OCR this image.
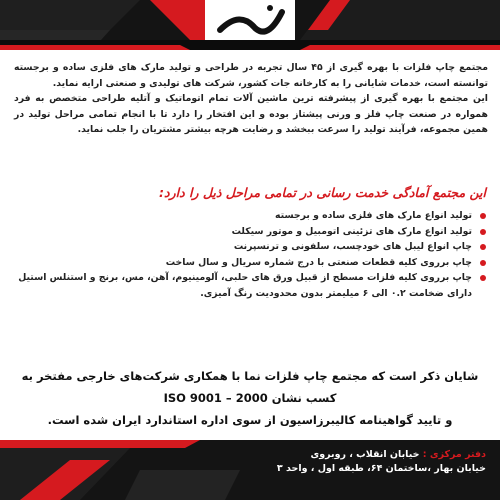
مجتمع چاپ فلزات با بهره گیری از ۴۵ سال تجربه در طراحی و تولید مارک های فلزی ساده و برجسته توانسته است، خدمات شایانی را به کارخانه جات کشور، شرکت های تولیدی و صنعتی ارایه نماید.

این مجتمع با بهره گیری از پیشرفته ترین ماشین آلات تمام اتوماتیک و آتلیه طراحی متخصص به فرد همواره در صنعت چاپ فلز و ورنی پیشتاز بوده و این افتخار را دارد تا با انجام تمامی مراحل تولید در همین مجموعه، فرآیند تولید را سرعت ببخشد و رضایت هرچه بیشتر مشتریان را جلب نماید.

این مجتمع آمادگی خدمت رسانی در تمامی مراحل ذیل را دارد:
تولید انواع مارک های فلزی ساده و برجسته
تولید انواع مارک های تزئینی اتومبیل و موتور سیکلت
چاپ انواع لیبل های خودچسب، سلفونی و ترنسپرنت
چاپ برروی کلیه قطعات صنعتی با درج شماره سریال و سال ساخت
چاپ برروی کلیه فلزات مسطح از قبیل ورق های حلبی، آلومینیوم، آهن، مس، برنج و استنلس استیل دارای ضخامت ۰.۲ الی ۶ میلیمتر بدون محدودیت رنگ آمیزی.
شایان ذکر است که مجتمع چاپ فلزات نما با همکاری شرکت‌های خارجی مفتخر به
کسب نشان 2000 – ISO 9001
و تایید گواهینامه کالیبرزاسیون از سوی اداره استاندارد ایران شده است.
دفتر مرکزی : خیابان انقلاب ، روبروی
خیابان بهار ،ساختمان ۶۴، طبقه اول ، واحد ۳
